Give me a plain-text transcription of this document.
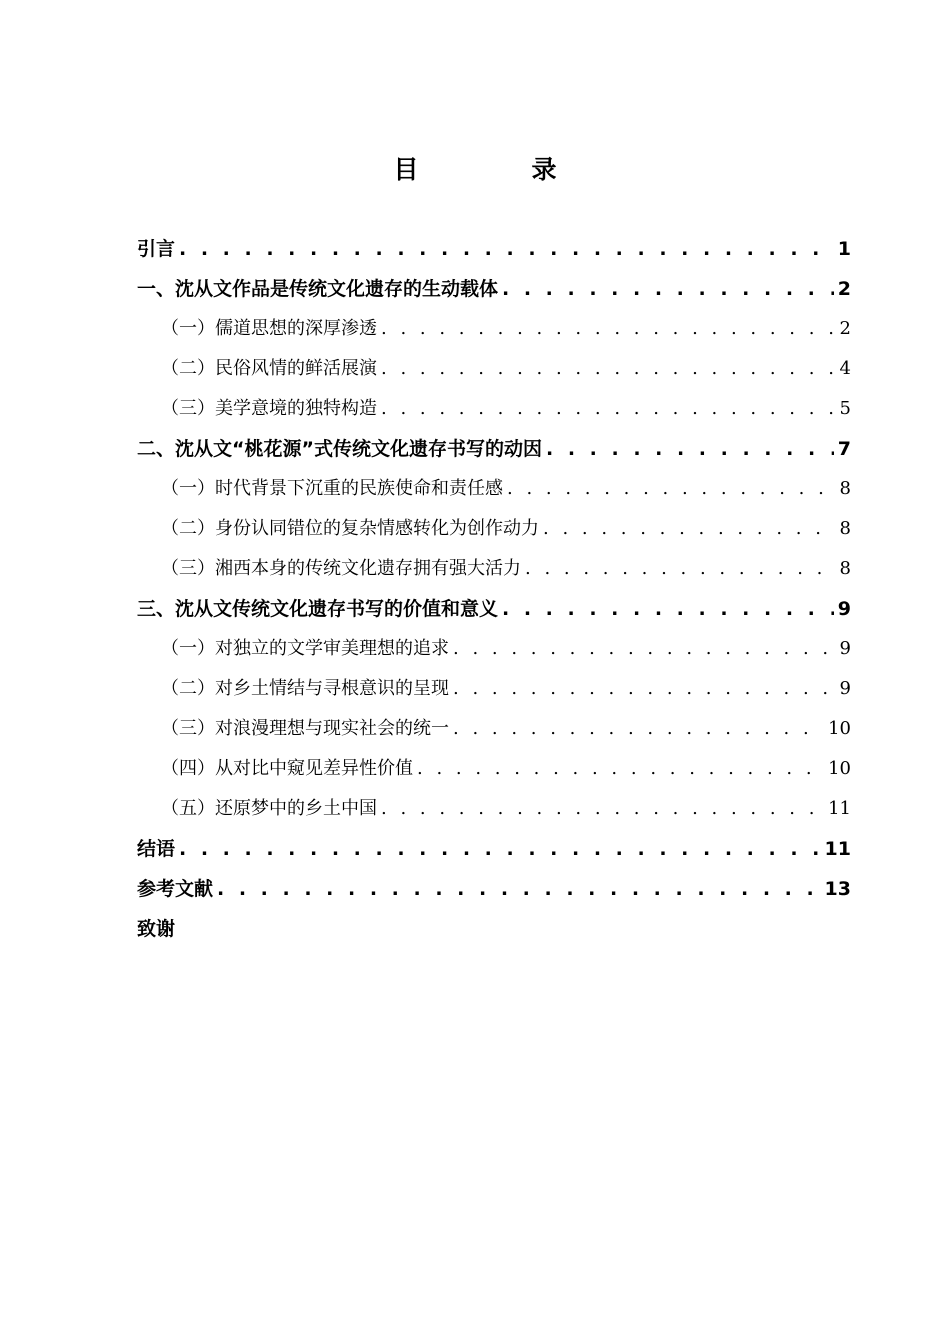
目　录
引言 . . .	1
一、沈从文作品是传统文化遗存的生动载体 . . .	2
（一）儒道思想的深厚渗透 . . .	2
（二）民俗风情的鲜活展演 . . .	4
（三）美学意境的独特构造 . . .	5
二、沈从文“桃花源”式传统文化遗存书写的动因 . . .	7
（一）时代背景下沉重的民族使命和责任感 . . .	8
（二）身份认同错位的复杂情感转化为创作动力 . . .	8
（三）湘西本身的传统文化遗存拥有强大活力 . . .	8
三、沈从文传统文化遗存书写的价值和意义 . . .	9
（一）对独立的文学审美理想的追求 . . .	9
（二）对乡土情结与寻根意识的呈现 . . .	9
（三）对浪漫理想与现实社会的统一 . . .	10
（四）从对比中窥见差异性价值 . . .	10
（五）还原梦中的乡土中国 . . .	11
结语 . . .	11
参考文献 . . .	13
致谢
